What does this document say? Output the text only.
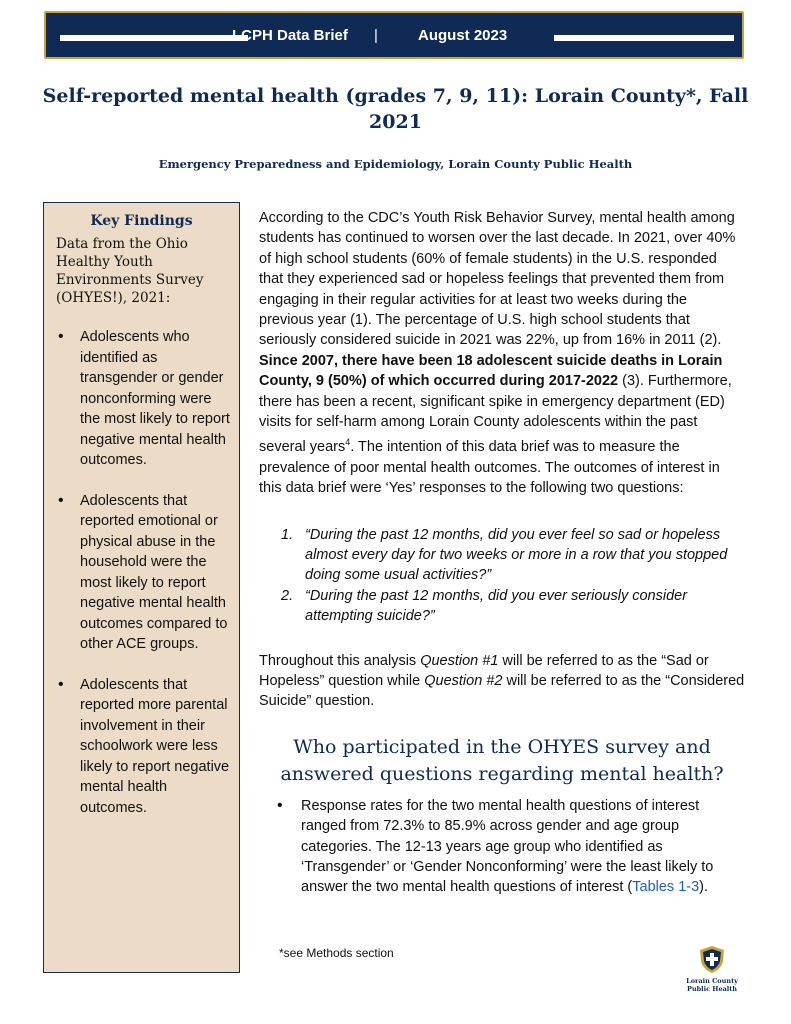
LCPH Data Brief |	August 2023
Self-reported mental health (grades 7, 9, 11): Lorain County*, Fall 2021

Emergency Preparedness and Epidemiology, Lorain County Public Health

Key Findings

Data from the Ohio Healthy Youth Environments Survey (OHYES!), 2021:

• Adolescents who identified as transgender or gender nonconforming were the most likely to report negative mental health outcomes.
• Adolescents that reported emotional or physical abuse in the household were the most likely to report negative mental health outcomes compared to other ACE groups.
• Adolescents that reported more parental involvement in their schoolwork were less likely to report negative mental health outcomes.

According to the CDC’s Youth Risk Behavior Survey, mental health among students has continued to worsen over the last decade. In 2021, over 40% of high school students (60% of female students) in the U.S. responded that they experienced sad or hopeless feelings that prevented them from engaging in their regular activities for at least two weeks during the previous year (1). The percentage of U.S. high school students that seriously considered suicide in 2021 was 22%, up from 16% in 2011 (2). Since 2007, there have been 18 adolescent suicide deaths in Lorain County, 9 (50%) of which occurred during 2017-2022 (3). Furthermore, there has been a recent, significant spike in emergency department (ED) visits for self-harm among Lorain County adolescents within the past several years$^4$. The intention of this data brief was to measure the prevalence of poor mental health outcomes. The outcomes of interest in this data brief were ‘Yes’ responses to the following two questions:

1. “During the past 12 months, did you ever feel so sad or hopeless almost every day for two weeks or more in a row that you stopped doing some usual activities?”
2. “During the past 12 months, did you ever seriously consider attempting suicide?”

Throughout this analysis Question #1 will be referred to as the “Sad or Hopeless” question while Question #2 will be referred to as the “Considered Suicide” question.

Who participated in the OHYES survey and answered questions regarding mental health?
• Response rates for the two mental health questions of interest ranged from 72.3% to 85.9% across gender and age group categories. The 12-13 years age group who identified as ‘Transgender’ or ‘Gender Nonconforming’ were the least likely to answer the two mental health questions of interest (Tables 1-3).
*see Methods section
Lorain County
Public Health
